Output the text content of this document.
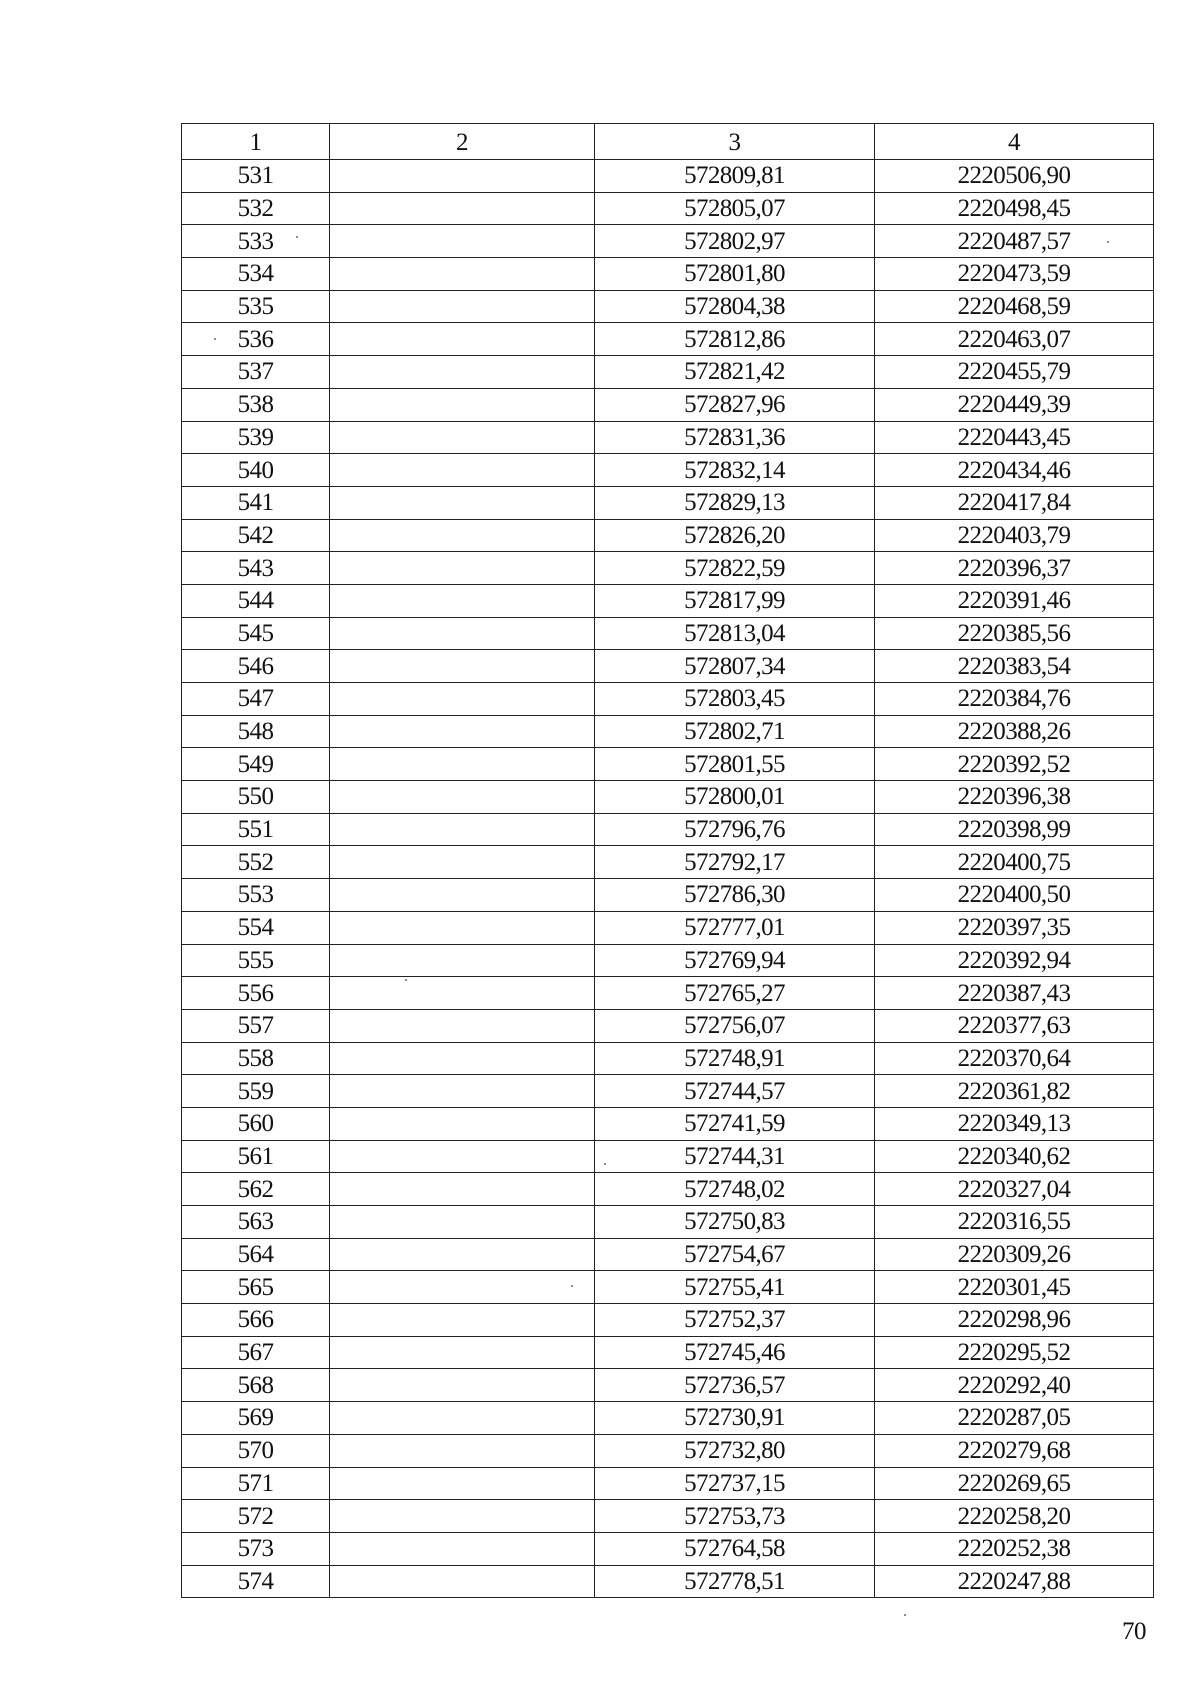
1	2	3	4
531		572809,81	2220506,90
532		572805,07	2220498,45
533		572802,97	2220487,57
534		572801,80	2220473,59
535		572804,38	2220468,59
536		572812,86	2220463,07
537		572821,42	2220455,79
538		572827,96	2220449,39
539		572831,36	2220443,45
540		572832,14	2220434,46
541		572829,13	2220417,84
542		572826,20	2220403,79
543		572822,59	2220396,37
544		572817,99	2220391,46
545		572813,04	2220385,56
546		572807,34	2220383,54
547		572803,45	2220384,76
548		572802,71	2220388,26
549		572801,55	2220392,52
550		572800,01	2220396,38
551		572796,76	2220398,99
552		572792,17	2220400,75
553		572786,30	2220400,50
554		572777,01	2220397,35
555		572769,94	2220392,94
556		572765,27	2220387,43
557		572756,07	2220377,63
558		572748,91	2220370,64
559		572744,57	2220361,82
560		572741,59	2220349,13
561		572744,31	2220340,62
562		572748,02	2220327,04
563		572750,83	2220316,55
564		572754,67	2220309,26
565		572755,41	2220301,45
566		572752,37	2220298,96
567		572745,46	2220295,52
568		572736,57	2220292,40
569		572730,91	2220287,05
570		572732,80	2220279,68
571		572737,15	2220269,65
572		572753,73	2220258,20
573		572764,58	2220252,38
574		572778,51	2220247,88
70
